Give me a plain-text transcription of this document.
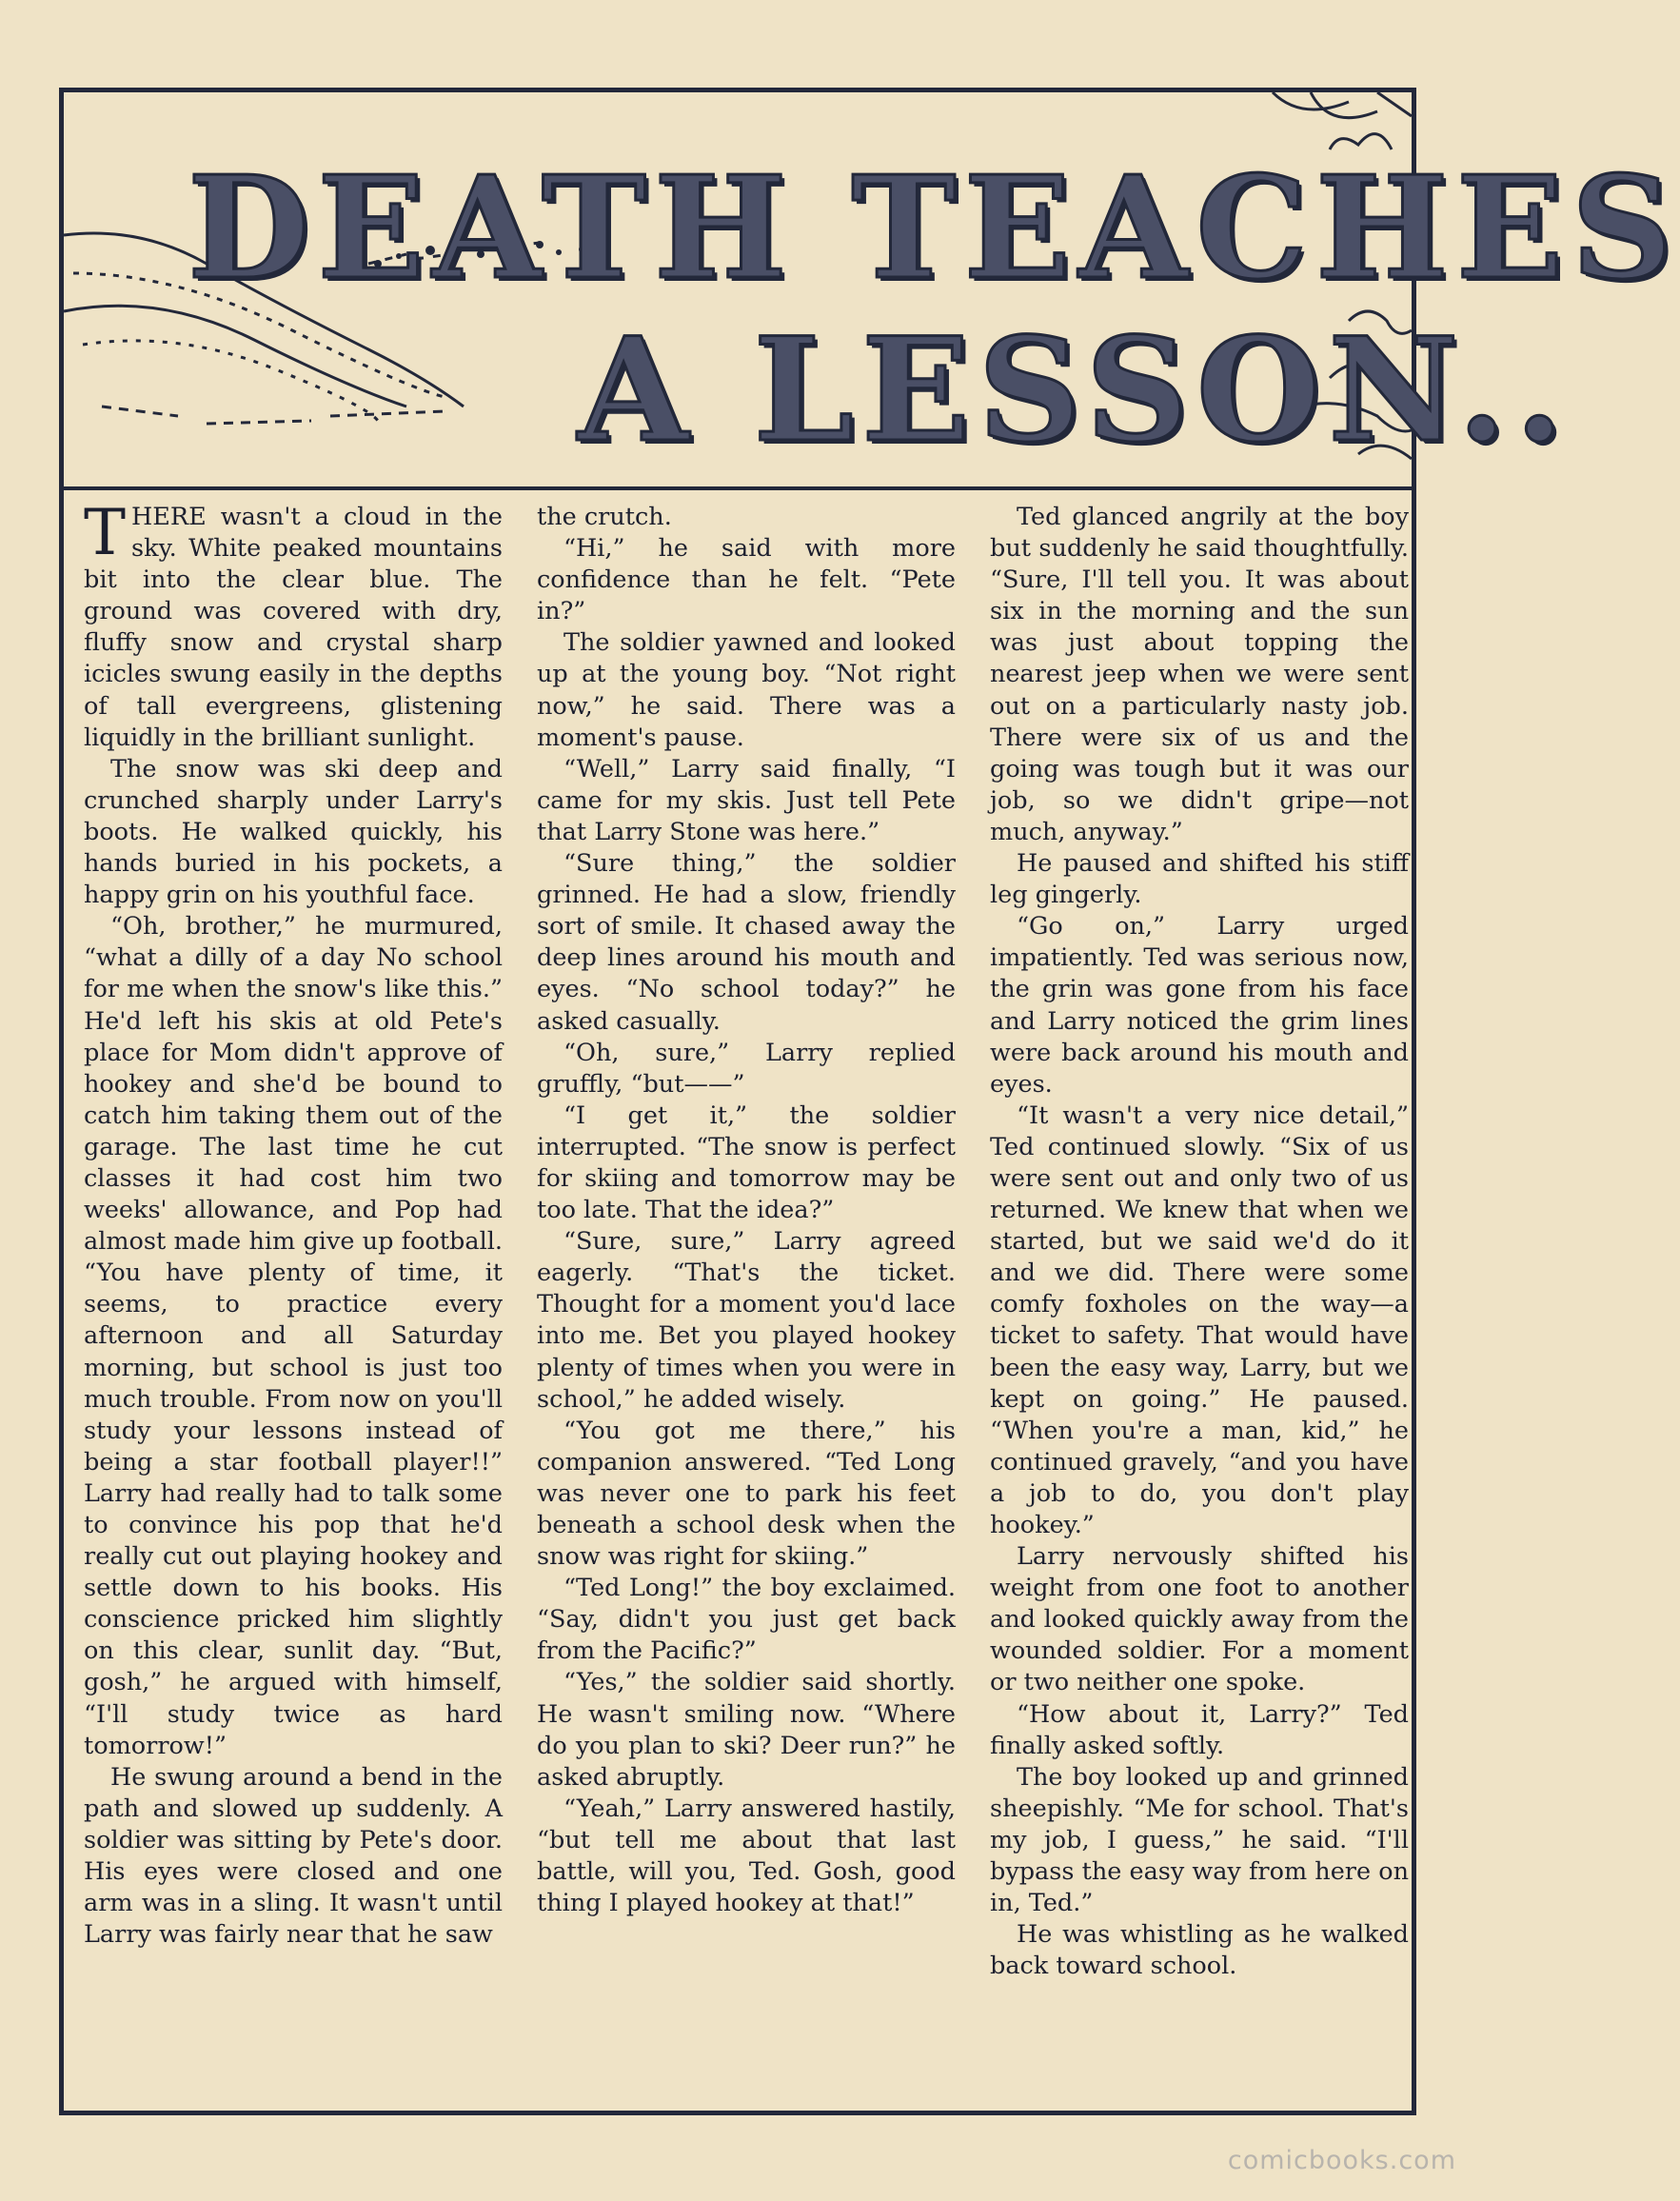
DEATH TEACHES
A LESSON..

THERE wasn't a cloud in the sky. White peaked mountains bit into the clear blue. The ground was covered with dry, fluffy snow and crystal sharp icicles swung easily in the depths of tall evergreens, glistening liquidly in the brilliant sunlight.

The snow was ski deep and crunched sharply under Larry's boots. He walked quickly, his hands buried in his pockets, a happy grin on his youthful face.

“Oh, brother,” he murmured, “what a dilly of a day No school for me when the snow's like this.” He'd left his skis at old Pete's place for Mom didn't approve of hookey and she'd be bound to catch him taking them out of the garage. The last time he cut classes it had cost him two weeks' allowance, and Pop had almost made him give up football. “You have plenty of time, it seems, to practice every afternoon and all Saturday morning, but school is just too much trouble. From now on you'll study your lessons instead of being a star football player!!” Larry had really had to talk some to convince his pop that he'd really cut out playing hookey and settle down to his books. His conscience pricked him slightly on this clear, sunlit day. “But, gosh,” he argued with himself, “I'll study twice as hard tomorrow!”

He swung around a bend in the path and slowed up suddenly. A soldier was sitting by Pete's door. His eyes were closed and one arm was in a sling. It wasn't until Larry was fairly near that he saw

the crutch.

“Hi,” he said with more confidence than he felt. “Pete in?”

The soldier yawned and looked up at the young boy. “Not right now,” he said. There was a moment's pause.

“Well,” Larry said finally, “I came for my skis. Just tell Pete that Larry Stone was here.”

“Sure thing,” the soldier grinned. He had a slow, friendly sort of smile. It chased away the deep lines around his mouth and eyes. “No school today?” he asked casually.

“Oh, sure,” Larry replied gruffly, “but——”

“I get it,” the soldier interrupted. “The snow is perfect for skiing and tomorrow may be too late. That the idea?”

“Sure, sure,” Larry agreed eagerly. “That's the ticket. Thought for a moment you'd lace into me. Bet you played hookey plenty of times when you were in school,” he added wisely.

“You got me there,” his companion answered. “Ted Long was never one to park his feet beneath a school desk when the snow was right for skiing.”

“Ted Long!” the boy exclaimed. “Say, didn't you just get back from the Pacific?”

“Yes,” the soldier said shortly. He wasn't smiling now. “Where do you plan to ski? Deer run?” he asked abruptly.

“Yeah,” Larry answered hastily, “but tell me about that last battle, will you, Ted. Gosh, good thing I played hookey at that!”

Ted glanced angrily at the boy but suddenly he said thoughtfully. “Sure, I'll tell you. It was about six in the morning and the sun was just about topping the nearest jeep when we were sent out on a particularly nasty job. There were six of us and the going was tough but it was our job, so we didn't gripe—not much, anyway.”

He paused and shifted his stiff leg gingerly.

“Go on,” Larry urged impatiently. Ted was serious now, the grin was gone from his face and Larry noticed the grim lines were back around his mouth and eyes.

“It wasn't a very nice detail,” Ted continued slowly. “Six of us were sent out and only two of us returned. We knew that when we started, but we said we'd do it and we did. There were some comfy foxholes on the way—a ticket to safety. That would have been the easy way, Larry, but we kept on going.” He paused. “When you're a man, kid,” he continued gravely, “and you have a job to do, you don't play hookey.”

Larry nervously shifted his weight from one foot to another and looked quickly away from the wounded soldier. For a moment or two neither one spoke.

“How about it, Larry?” Ted finally asked softly.

The boy looked up and grinned sheepishly. “Me for school. That's my job, I guess,” he said. “I'll bypass the easy way from here on in, Ted.”

He was whistling as he walked back toward school.

comicbooks.com
